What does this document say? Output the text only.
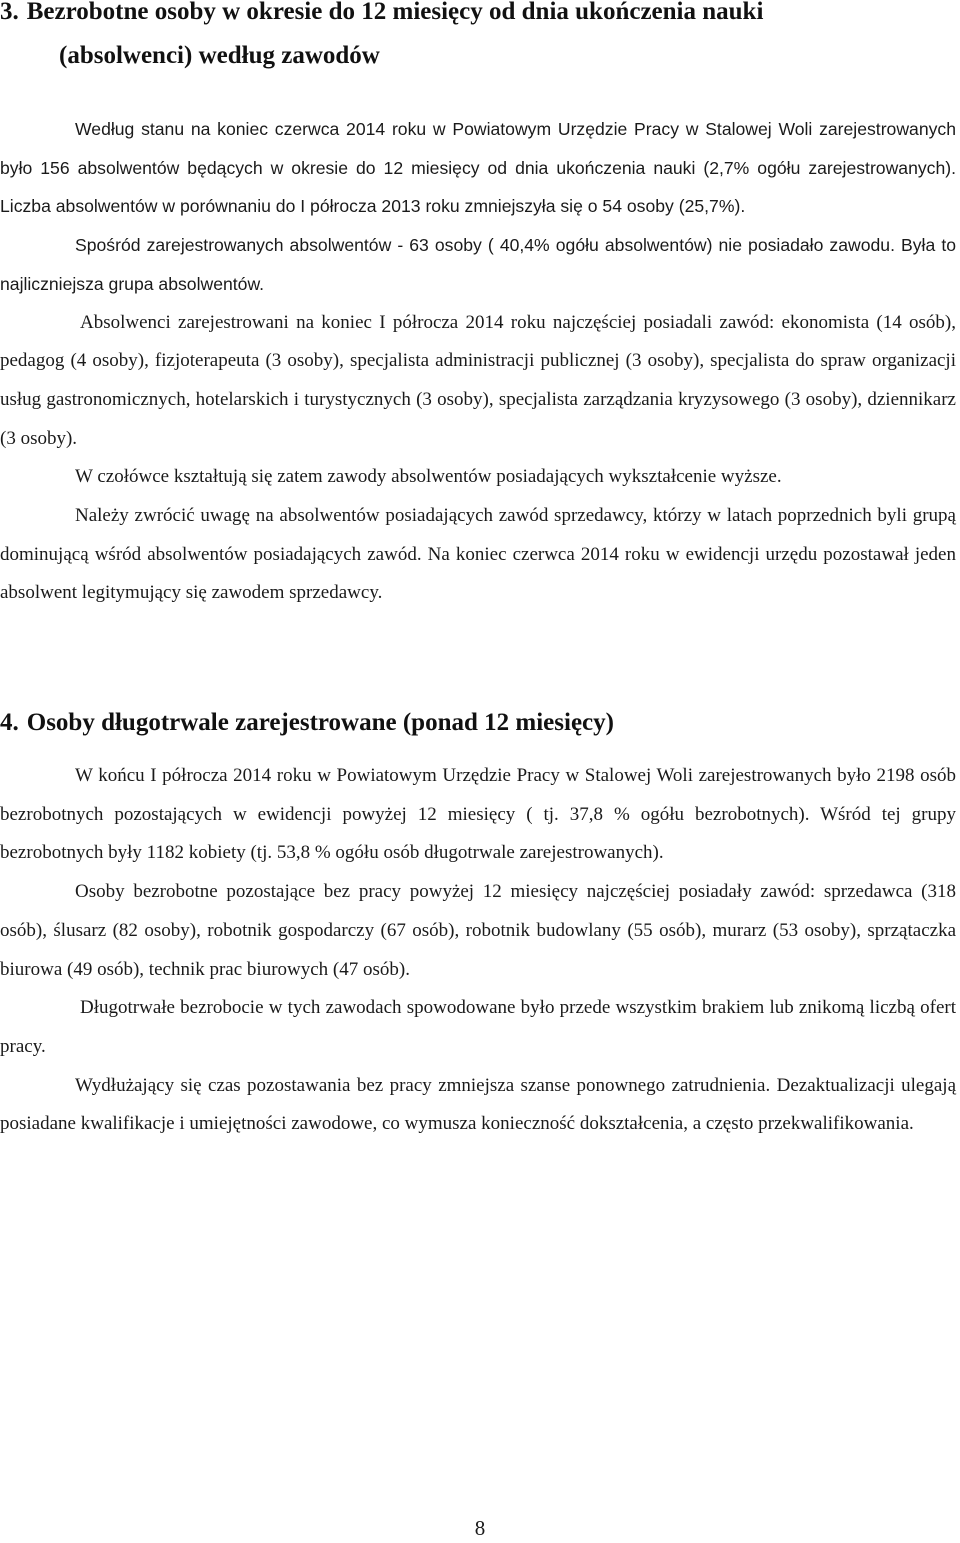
3. Bezrobotne osoby w okresie do 12 miesięcy od dnia ukończenia nauki
(absolwenci) według zawodów

Według stanu na koniec czerwca 2014 roku w Powiatowym Urzędzie Pracy w Stalowej Woli zarejestrowanych było 156 absolwentów będących w okresie do 12 miesięcy od dnia ukończenia nauki (2,7% ogółu zarejestrowanych). Liczba absolwentów w porównaniu do I półrocza 2013 roku zmniejszyła się o 54 osoby (25,7%).

Spośród zarejestrowanych absolwentów - 63 osoby ( 40,4% ogółu absolwentów) nie posiadało zawodu. Była to najliczniejsza grupa absolwentów.

Absolwenci zarejestrowani na koniec I półrocza 2014 roku najczęściej posiadali zawód: ekonomista (14 osób), pedagog (4 osoby), fizjoterapeuta (3 osoby), specjalista administracji publicznej (3 osoby), specjalista do spraw organizacji usług gastronomicznych, hotelarskich i turystycznych (3 osoby), specjalista zarządzania kryzysowego (3 osoby), dziennikarz (3 osoby).

W czołówce kształtują się zatem zawody absolwentów posiadających wykształcenie wyższe.

Należy zwrócić uwagę na absolwentów posiadających zawód sprzedawcy, którzy w latach poprzednich byli grupą dominującą wśród absolwentów posiadających zawód. Na koniec czerwca 2014 roku w ewidencji urzędu pozostawał jeden absolwent legitymujący się zawodem sprzedawcy.

4. Osoby długotrwale zarejestrowane (ponad 12 miesięcy)

W końcu I półrocza 2014 roku w Powiatowym Urzędzie Pracy w Stalowej Woli zarejestrowanych było 2198 osób bezrobotnych pozostających w ewidencji powyżej 12 miesięcy ( tj. 37,8 % ogółu bezrobotnych). Wśród tej grupy bezrobotnych były 1182 kobiety (tj. 53,8 % ogółu osób długotrwale zarejestrowanych).

Osoby bezrobotne pozostające bez pracy powyżej 12 miesięcy najczęściej posiadały zawód: sprzedawca (318 osób), ślusarz (82 osoby), robotnik gospodarczy (67 osób), robotnik budowlany (55 osób), murarz (53 osoby), sprzątaczka biurowa (49 osób), technik prac biurowych (47 osób).

Długotrwałe bezrobocie w tych zawodach spowodowane było przede wszystkim brakiem lub znikomą liczbą ofert pracy.

Wydłużający się czas pozostawania bez pracy zmniejsza szanse ponownego zatrudnienia. Dezaktualizacji ulegają posiadane kwalifikacje i umiejętności zawodowe, co wymusza konieczność dokształcenia, a często przekwalifikowania.

8
